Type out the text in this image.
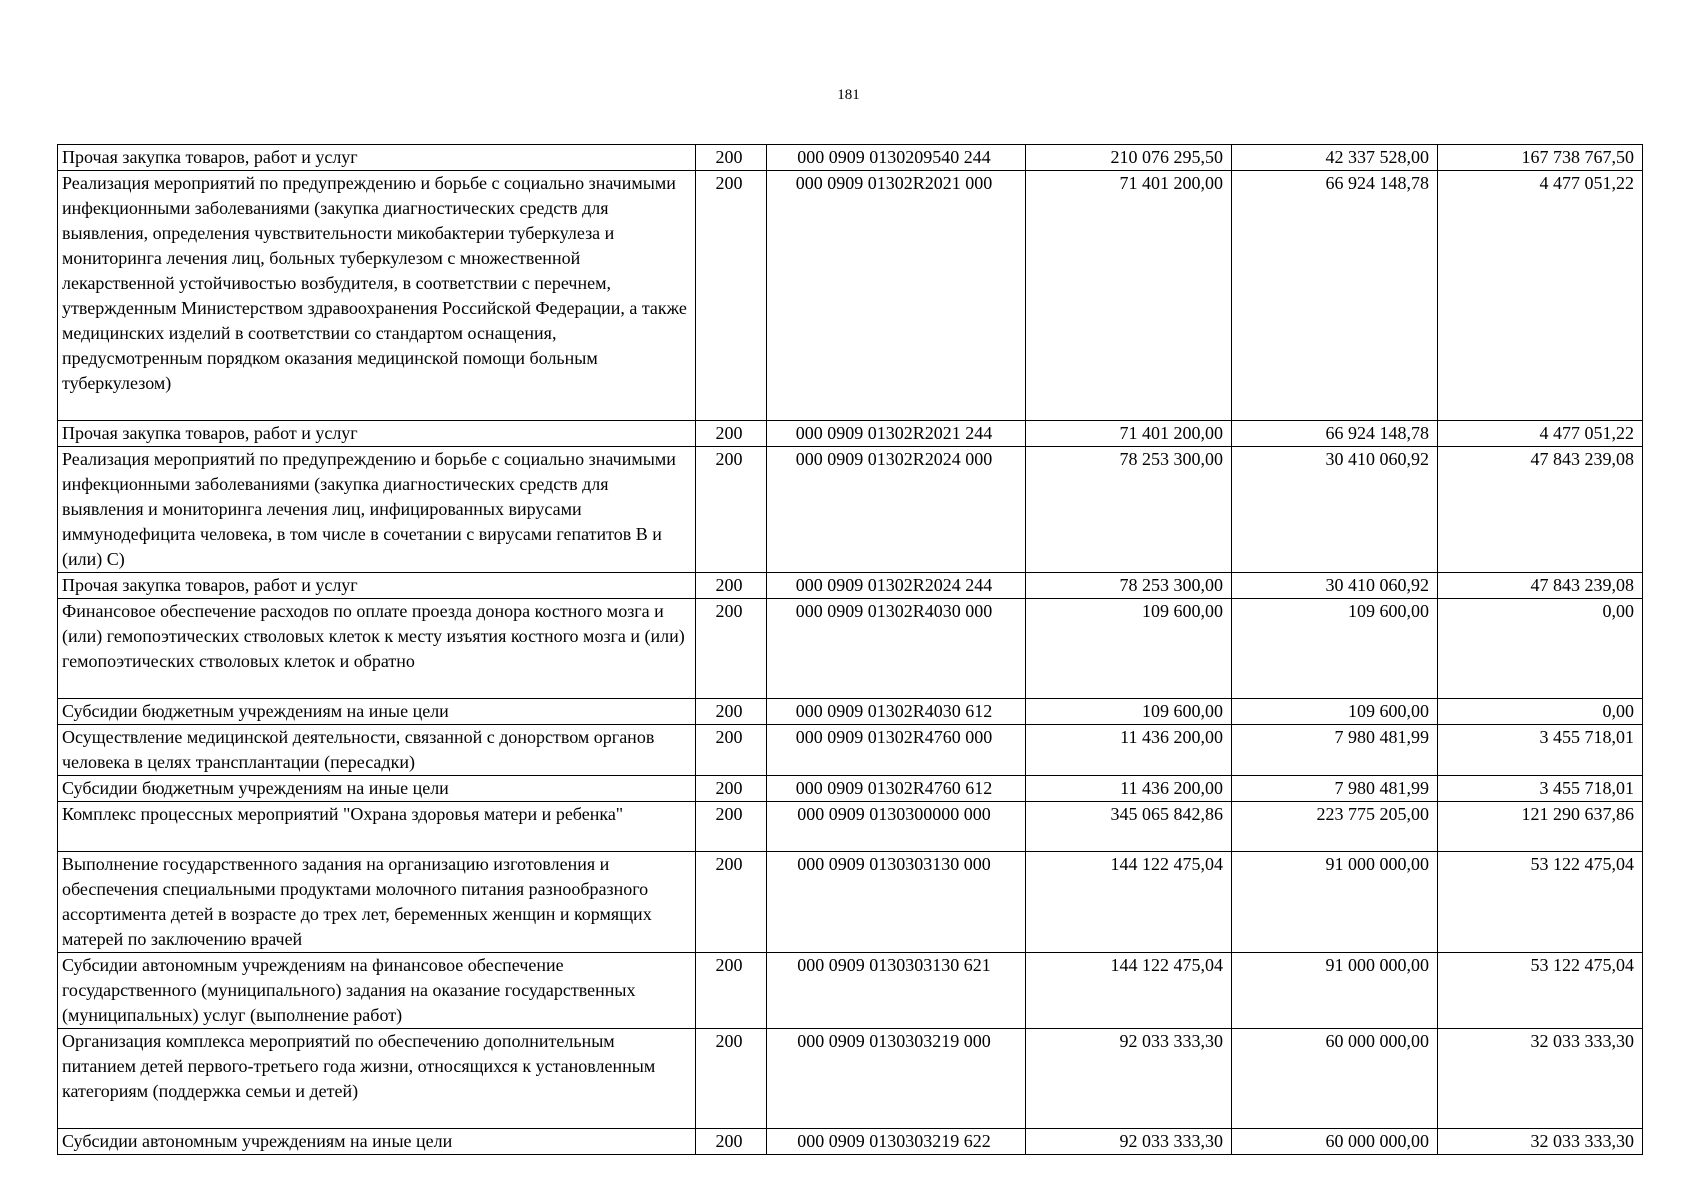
181
Прочая закупка товаров, работ и услуг	200	000 0909 0130209540 244	210 076 295,50	42 337 528,00	167 738 767,50
Реализация мероприятий по предупреждению и борьбе с социально значимыми инфекционными заболеваниями (закупка диагностических средств для выявления, определения чувствительности микобактерии туберкулеза и мониторинга лечения лиц, больных туберкулезом с множественной лекарственной устойчивостью возбудителя, в соответствии с перечнем, утвержденным Министерством здравоохранения Российской Федерации, а также медицинских изделий в соответствии со стандартом оснащения, предусмотренным порядком оказания медицинской помощи больным туберкулезом)	200	000 0909 01302R2021 000	71 401 200,00	66 924 148,78	4 477 051,22
Прочая закупка товаров, работ и услуг	200	000 0909 01302R2021 244	71 401 200,00	66 924 148,78	4 477 051,22
Реализация мероприятий по предупреждению и борьбе с социально значимыми инфекционными заболеваниями (закупка диагностических средств для выявления и мониторинга лечения лиц, инфицированных вирусами иммунодефицита человека, в том числе в сочетании с вирусами гепатитов B и (или) C)	200	000 0909 01302R2024 000	78 253 300,00	30 410 060,92	47 843 239,08
Прочая закупка товаров, работ и услуг	200	000 0909 01302R2024 244	78 253 300,00	30 410 060,92	47 843 239,08
Финансовое обеспечение расходов по оплате проезда донора костного мозга и (или) гемопоэтических стволовых клеток к месту изъятия костного мозга и (или) гемопоэтических стволовых клеток и обратно	200	000 0909 01302R4030 000	109 600,00	109 600,00	0,00
Субсидии бюджетным учреждениям на иные цели	200	000 0909 01302R4030 612	109 600,00	109 600,00	0,00
Осуществление медицинской деятельности, связанной с донорством органов человека в целях трансплантации (пересадки)	200	000 0909 01302R4760 000	11 436 200,00	7 980 481,99	3 455 718,01
Субсидии бюджетным учреждениям на иные цели	200	000 0909 01302R4760 612	11 436 200,00	7 980 481,99	3 455 718,01
Комплекс процессных мероприятий "Охрана здоровья матери и ребенка"	200	000 0909 0130300000 000	345 065 842,86	223 775 205,00	121 290 637,86
Выполнение государственного задания на организацию изготовления и обеспечения специальными продуктами молочного питания разнообразного ассортимента детей в возрасте до трех лет, беременных женщин и кормящих матерей по заключению врачей	200	000 0909 0130303130 000	144 122 475,04	91 000 000,00	53 122 475,04
Субсидии автономным учреждениям на финансовое обеспечение государственного (муниципального) задания на оказание государственных (муниципальных) услуг (выполнение работ)	200	000 0909 0130303130 621	144 122 475,04	91 000 000,00	53 122 475,04
Организация комплекса мероприятий по обеспечению дополнительным питанием детей первого-третьего года жизни, относящихся к установленным категориям (поддержка семьи и детей)	200	000 0909 0130303219 000	92 033 333,30	60 000 000,00	32 033 333,30
Субсидии автономным учреждениям на иные цели	200	000 0909 0130303219 622	92 033 333,30	60 000 000,00	32 033 333,30
